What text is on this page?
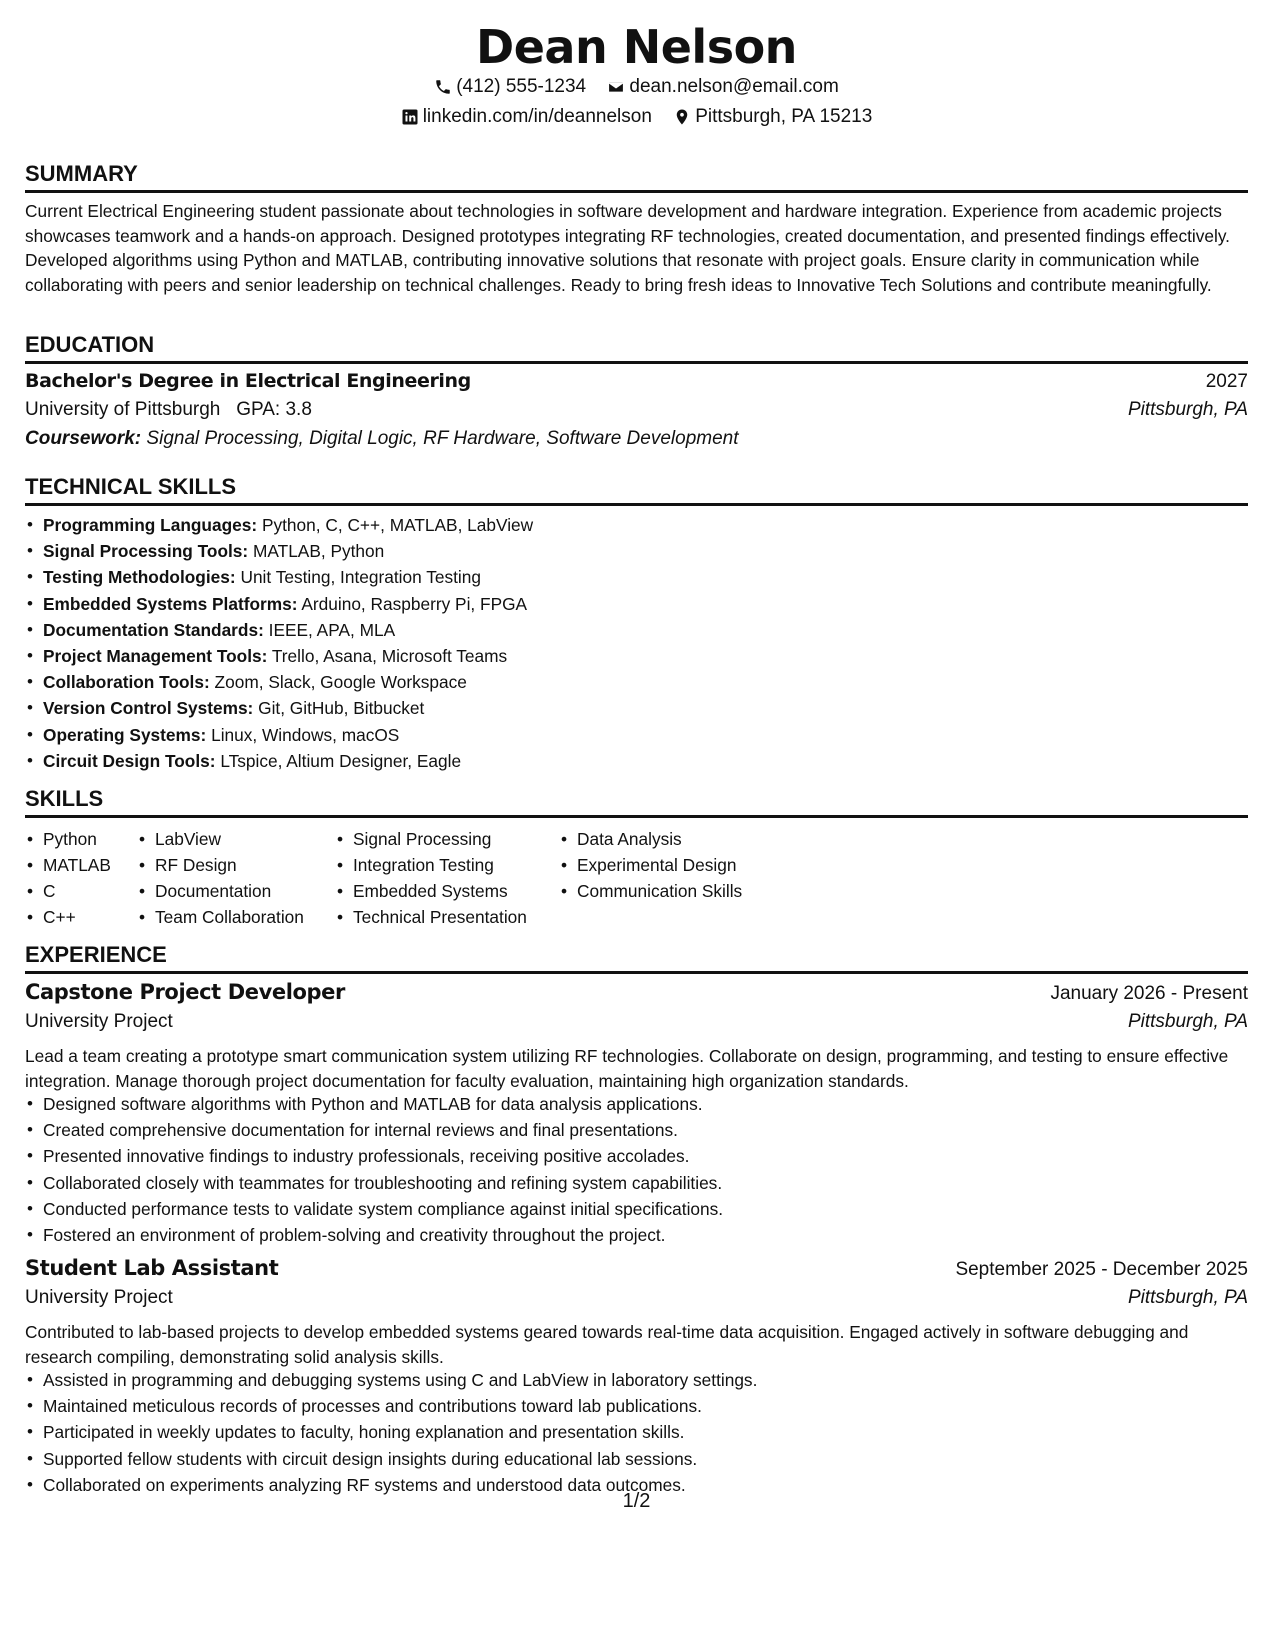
Dean Nelson
(412) 555-1234
dean.nelson@email.com
linkedin.com/in/deannelson
Pittsburgh, PA 15213
SUMMARY
Current Electrical Engineering student passionate about technologies in software development and hardware integration. Experience from academic projects showcases teamwork and a hands-on approach. Designed prototypes integrating RF technologies, created documentation, and presented findings effectively. Developed algorithms using Python and MATLAB, contributing innovative solutions that resonate with project goals. Ensure clarity in communication while collaborating with peers and senior leadership on technical challenges. Ready to bring fresh ideas to Innovative Tech Solutions and contribute meaningfully.
EDUCATION
Bachelor's Degree in Electrical Engineering	2027
University of Pittsburgh GPA: 3.8	Pittsburgh, PA
Coursework: Signal Processing, Digital Logic, RF Hardware, Software Development
TECHNICAL SKILLS
• Programming Languages: Python, C, C++, MATLAB, LabView
• Signal Processing Tools: MATLAB, Python
• Testing Methodologies: Unit Testing, Integration Testing
• Embedded Systems Platforms: Arduino, Raspberry Pi, FPGA
• Documentation Standards: IEEE, APA, MLA
• Project Management Tools: Trello, Asana, Microsoft Teams
• Collaboration Tools: Zoom, Slack, Google Workspace
• Version Control Systems: Git, GitHub, Bitbucket
• Operating Systems: Linux, Windows, macOS
• Circuit Design Tools: LTspice, Altium Designer, Eagle
SKILLS
• Python
• MATLAB
• C
• C++
• LabView
• RF Design
• Documentation
• Team Collaboration
• Signal Processing
• Integration Testing
• Embedded Systems
• Technical Presentation
• Data Analysis
• Experimental Design
• Communication Skills
EXPERIENCE
Capstone Project Developer	January 2026 - Present
University Project	Pittsburgh, PA
Lead a team creating a prototype smart communication system utilizing RF technologies. Collaborate on design, programming, and testing to ensure effective integration. Manage thorough project documentation for faculty evaluation, maintaining high organization standards.
• Designed software algorithms with Python and MATLAB for data analysis applications.
• Created comprehensive documentation for internal reviews and final presentations.
• Presented innovative findings to industry professionals, receiving positive accolades.
• Collaborated closely with teammates for troubleshooting and refining system capabilities.
• Conducted performance tests to validate system compliance against initial specifications.
• Fostered an environment of problem-solving and creativity throughout the project.
Student Lab Assistant	September 2025 - December 2025
University Project	Pittsburgh, PA
Contributed to lab-based projects to develop embedded systems geared towards real-time data acquisition. Engaged actively in software debugging and research compiling, demonstrating solid analysis skills.
• Assisted in programming and debugging systems using C and LabView in laboratory settings.
• Maintained meticulous records of processes and contributions toward lab publications.
• Participated in weekly updates to faculty, honing explanation and presentation skills.
• Supported fellow students with circuit design insights during educational lab sessions.
• Collaborated on experiments analyzing RF systems and understood data outcomes.
1/2
